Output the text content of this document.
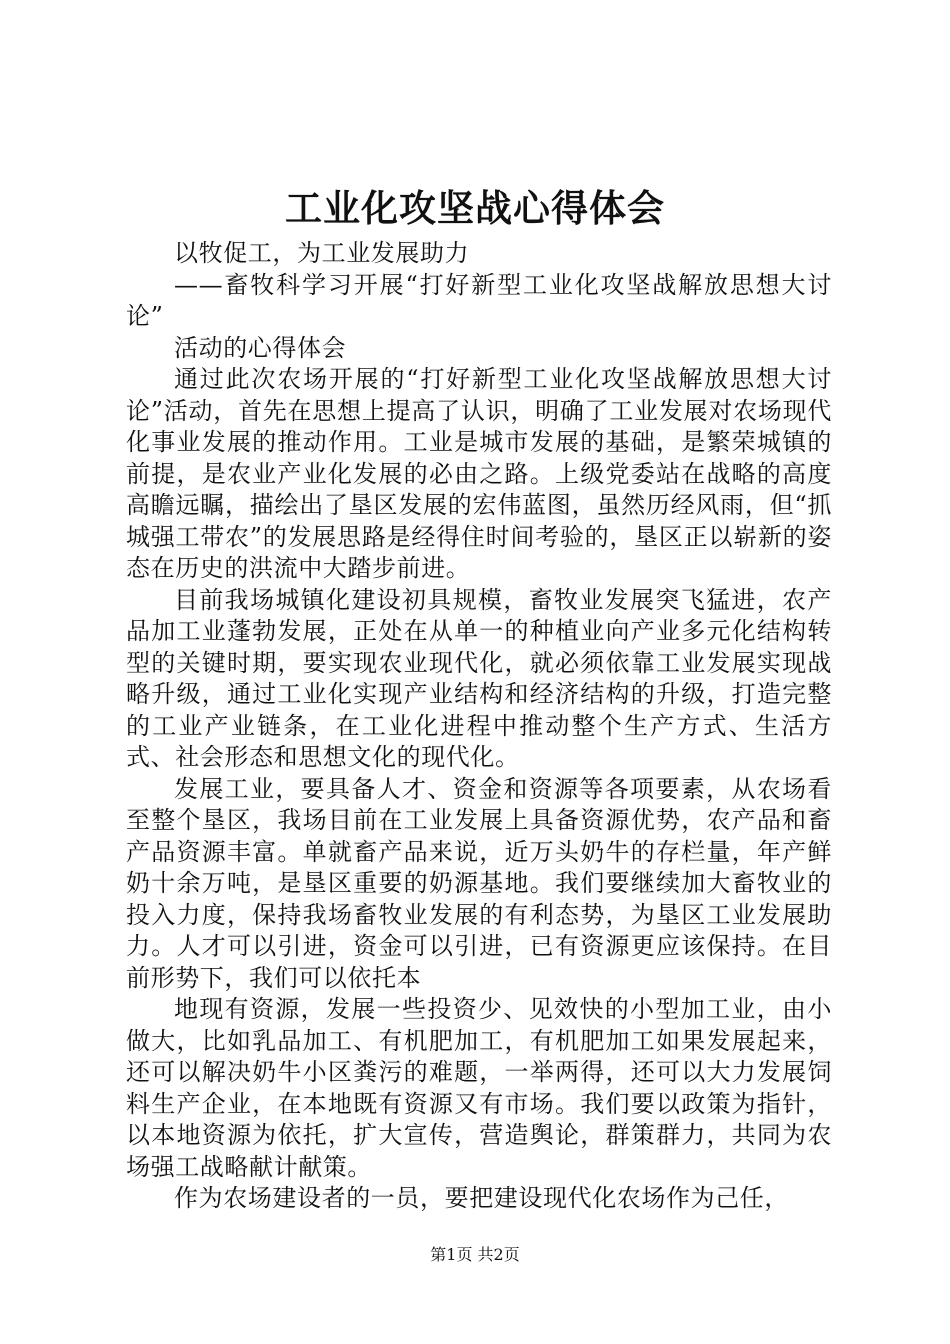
工业化攻坚战心得体会

以牧促工，为工业发展助力

——畜牧科学习开展“打好新型工业化攻坚战解放思想大讨论”

活动的心得体会

通过此次农场开展的“打好新型工业化攻坚战解放思想大讨论”活动，首先在思想上提高了认识，明确了工业发展对农场现代化事业发展的推动作用。工业是城市发展的基础，是繁荣城镇的前提，是农业产业化发展的必由之路。上级党委站在战略的高度高瞻远瞩，描绘出了垦区发展的宏伟蓝图，虽然历经风雨，但“抓城强工带农”的发展思路是经得住时间考验的，垦区正以崭新的姿态在历史的洪流中大踏步前进。

目前我场城镇化建设初具规模，畜牧业发展突飞猛进，农产品加工业蓬勃发展，正处在从单一的种植业向产业多元化结构转型的关键时期，要实现农业现代化，就必须依靠工业发展实现战略升级，通过工业化实现产业结构和经济结构的升级，打造完整的工业产业链条，在工业化进程中推动整个生产方式、生活方式、社会形态和思想文化的现代化。

发展工业，要具备人才、资金和资源等各项要素，从农场看至整个垦区，我场目前在工业发展上具备资源优势，农产品和畜产品资源丰富。单就畜产品来说，近万头奶牛的存栏量，年产鲜奶十余万吨，是垦区重要的奶源基地。我们要继续加大畜牧业的投入力度，保持我场畜牧业发展的有利态势，为垦区工业发展助力。人才可以引进，资金可以引进，已有资源更应该保持。在目前形势下，我们可以依托本

地现有资源，发展一些投资少、见效快的小型加工业，由小做大，比如乳品加工、有机肥加工，有机肥加工如果发展起来，还可以解决奶牛小区粪污的难题，一举两得，还可以大力发展饲料生产企业，在本地既有资源又有市场。我们要以政策为指针，以本地资源为依托，扩大宣传，营造舆论，群策群力，共同为农场强工战略献计献策。

作为农场建设者的一员，要把建设现代化农场作为己任，

第1页 共2页
